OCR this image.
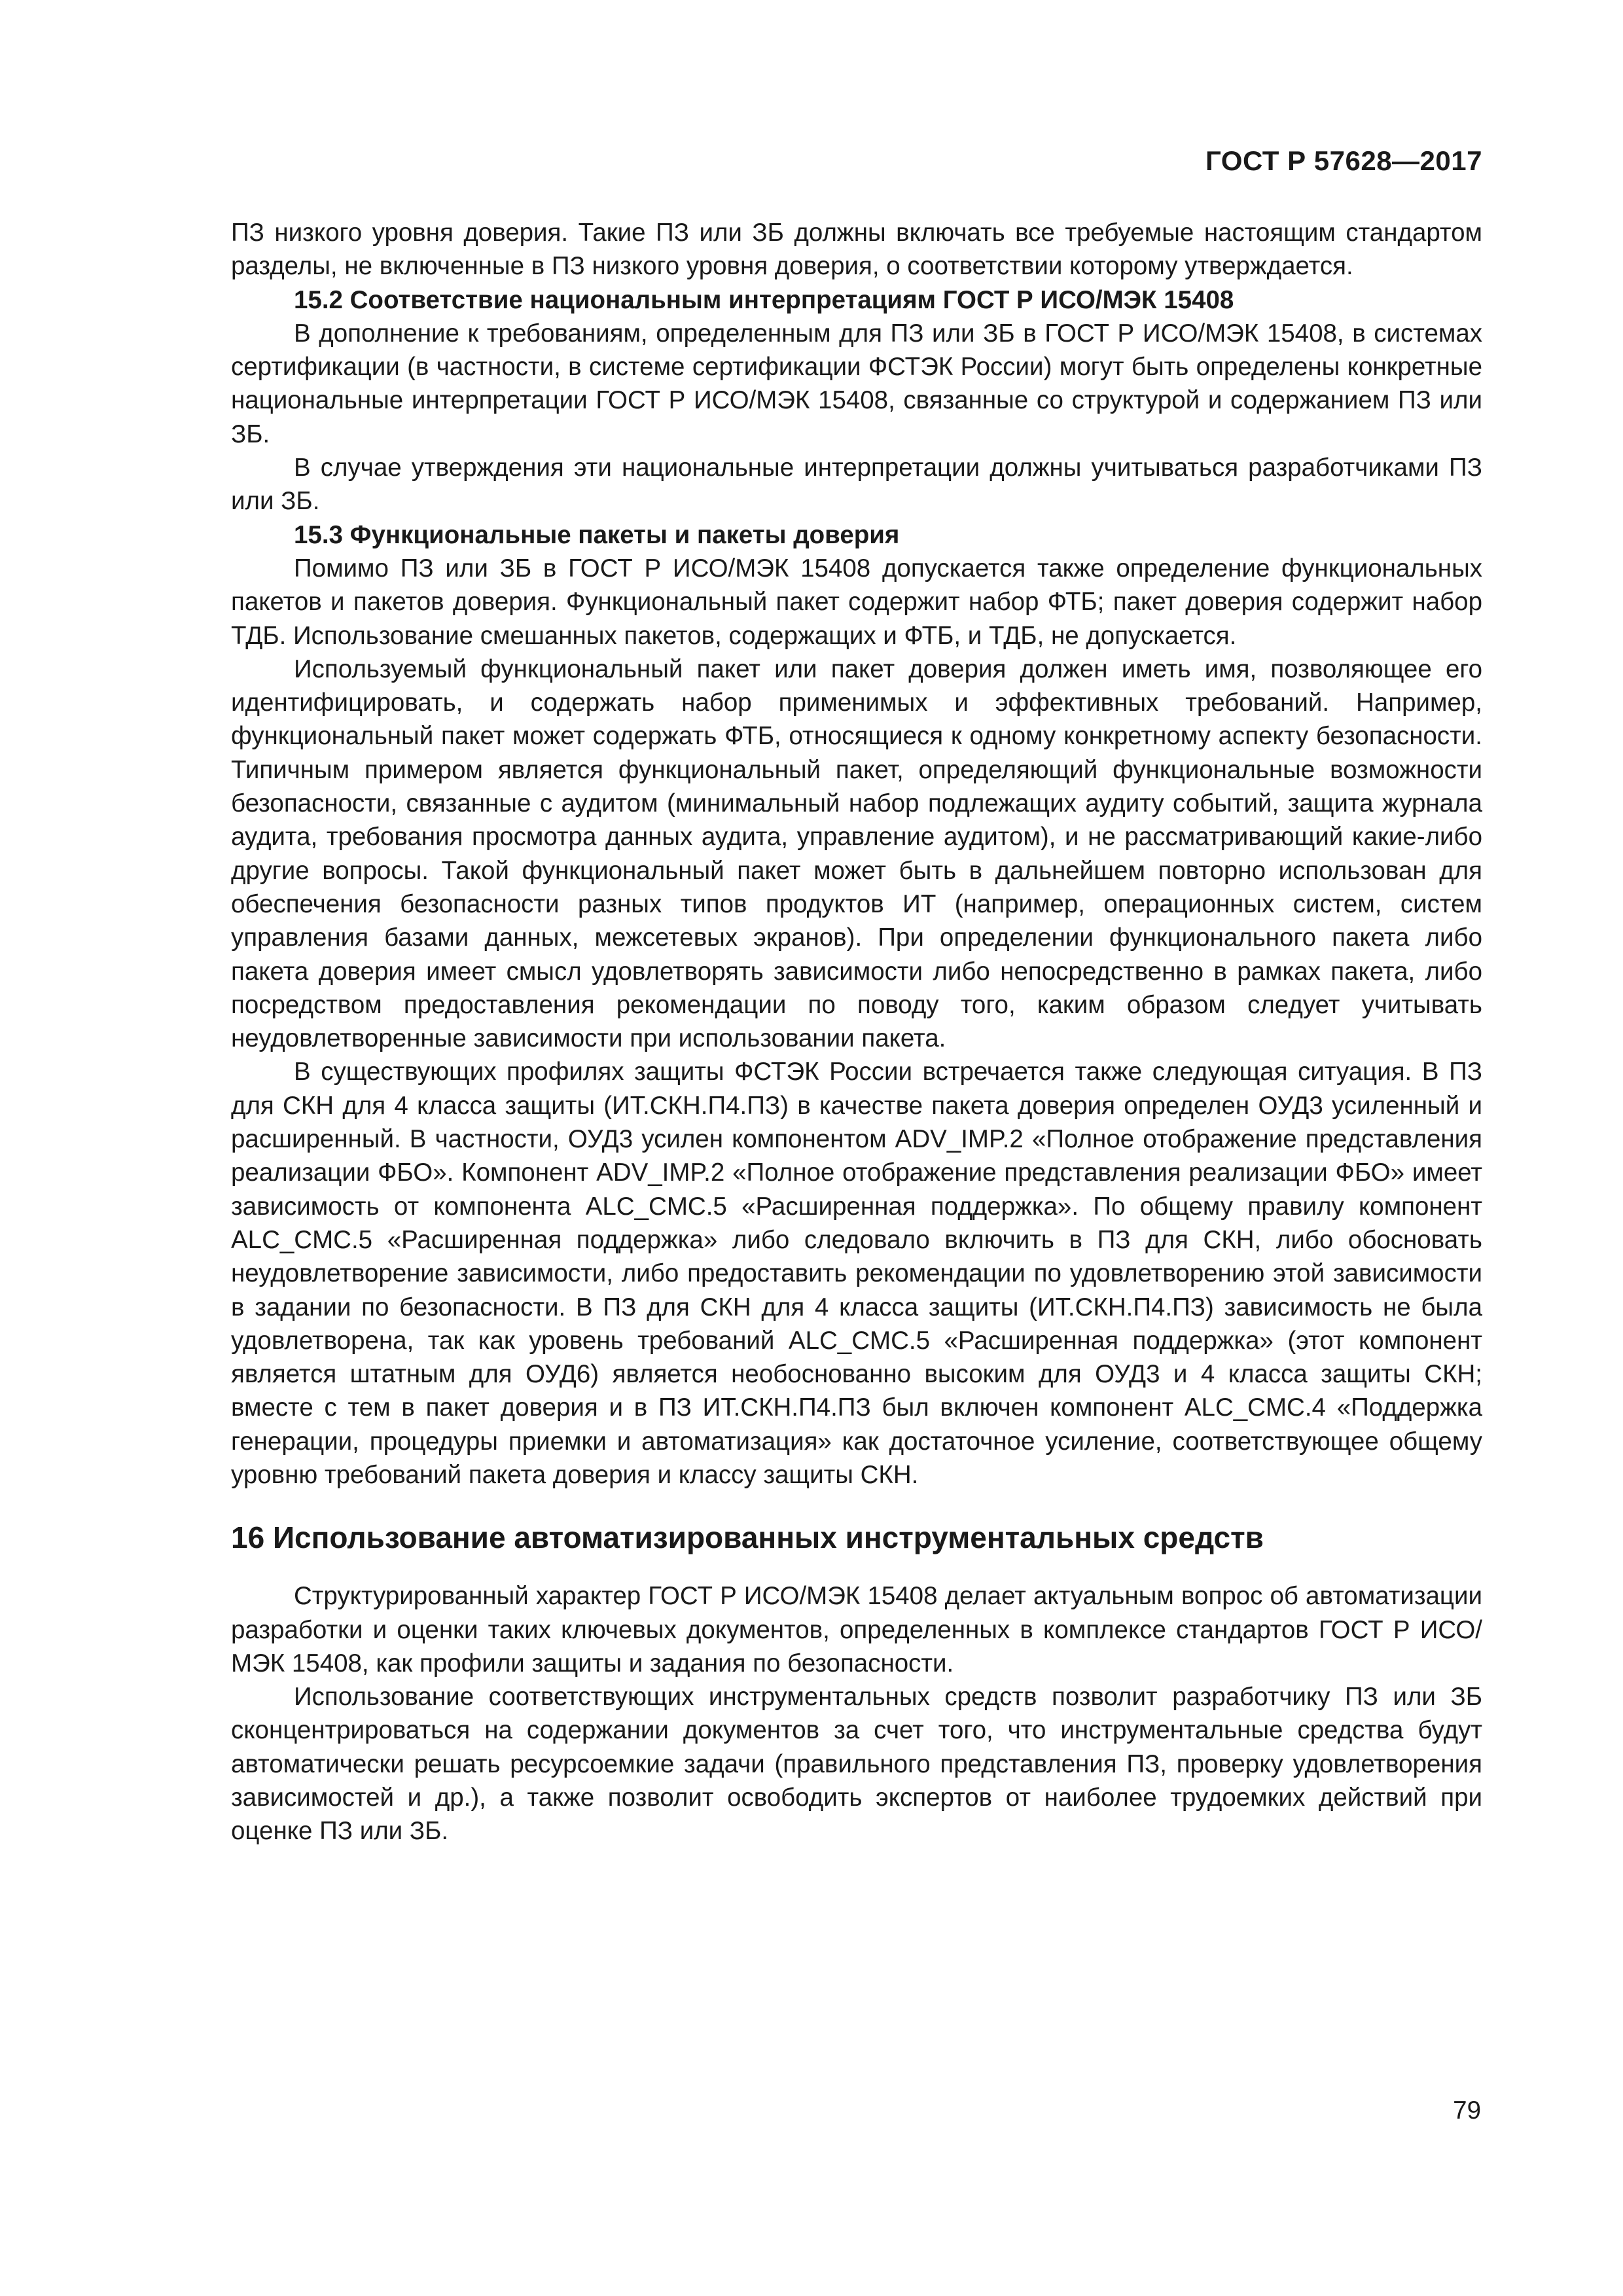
ГОСТ Р 57628—2017

ПЗ низкого уровня доверия. Такие ПЗ или ЗБ должны включать все требуемые настоящим стандартом разделы, не включенные в ПЗ низкого уровня доверия, о соответствии которому утверждается.

15.2 Соответствие национальным интерпретациям ГОСТ Р ИСО/МЭК 15408

В дополнение к требованиям, определенным для ПЗ или ЗБ в ГОСТ Р ИСО/МЭК 15408, в системах сертификации (в частности, в системе сертификации ФСТЭК России) могут быть определены конкретные национальные интерпретации ГОСТ Р ИСО/МЭК 15408, связанные со структурой и содержанием ПЗ или ЗБ.

В случае утверждения эти национальные интерпретации должны учитываться разработчиками ПЗ или ЗБ.

15.3 Функциональные пакеты и пакеты доверия

Помимо ПЗ или ЗБ в ГОСТ Р ИСО/МЭК 15408 допускается также определение функциональных пакетов и пакетов доверия. Функциональный пакет содержит набор ФТБ; пакет доверия содержит набор ТДБ. Использование смешанных пакетов, содержащих и ФТБ, и ТДБ, не допускается.

Используемый функциональный пакет или пакет доверия должен иметь имя, позволяющее его идентифицировать, и содержать набор применимых и эффективных требований. Например, функциональный пакет может содержать ФТБ, относящиеся к одному конкретному аспекту безопасности. Типичным примером является функциональный пакет, определяющий функциональные возможности безопасности, связанные с аудитом (минимальный набор подлежащих аудиту событий, защита журнала аудита, требования просмотра данных аудита, управление аудитом), и не рассматривающий какие-либо другие вопросы. Такой функциональный пакет может быть в дальнейшем повторно использован для обеспечения безопасности разных типов продуктов ИТ (например, операционных систем, систем управления базами данных, межсетевых экранов). При определении функционального пакета либо пакета доверия имеет смысл удовлетворять зависимости либо непосредственно в рамках пакета, либо посредством предоставления рекомендации по поводу того, каким образом следует учитывать неудовлетворенные зависимости при использовании пакета.

В существующих профилях защиты ФСТЭК России встречается также следующая ситуация. В ПЗ для СКН для 4 класса защиты (ИТ.СКН.П4.ПЗ) в качестве пакета доверия определен ОУД3 усиленный и расширенный. В частности, ОУД3 усилен компонентом ADV_IMP.2 «Полное отображение представления реализации ФБО». Компонент ADV_IMP.2 «Полное отображение представления реализации ФБО» имеет зависимость от компонента ALC_CMC.5 «Расширенная поддержка». По общему правилу компонент ALC_CMC.5 «Расширенная поддержка» либо следовало включить в ПЗ для СКН, либо обосновать неудовлетворение зависимости, либо предоставить рекомендации по удовлетворению этой зависимости в задании по безопасности. В ПЗ для СКН для 4 класса защиты (ИТ.СКН.П4.ПЗ) зависимость не была удовлетворена, так как уровень требований ALC_CMC.5 «Расширенная поддержка» (этот компонент является штатным для ОУД6) является необоснованно высоким для ОУД3 и 4 класса защиты СКН; вместе с тем в пакет доверия и в ПЗ ИТ.СКН.П4.ПЗ был включен компонент ALC_CMC.4 «Поддержка генерации, процедуры приемки и автоматизация» как достаточное усиление, соответствующее общему уровню требований пакета доверия и классу защиты СКН.

16 Использование автоматизированных инструментальных средств

Структурированный характер ГОСТ Р ИСО/МЭК 15408 делает актуальным вопрос об автоматизации разработки и оценки таких ключевых документов, определенных в комплексе стандартов ГОСТ Р ИСО/МЭК 15408, как профили защиты и задания по безопасности.

Использование соответствующих инструментальных средств позволит разработчику ПЗ или ЗБ сконцентрироваться на содержании документов за счет того, что инструментальные средства будут автоматически решать ресурсоемкие задачи (правильного представления ПЗ, проверку удовлетворения зависимостей и др.), а также позволит освободить экспертов от наиболее трудоемких действий при оценке ПЗ или ЗБ.

79
